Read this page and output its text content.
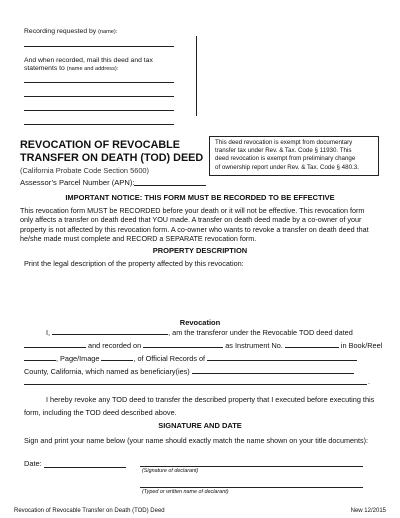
Recording requested by (name):
And when recorded, mail this deed and tax
statements to (name and address):
REVOCATION OF REVOCABLE
TRANSFER ON DEATH (TOD) DEED
(California Probate Code Section 5600)
Assessor’s Parcel Number (APN):
This deed revocation is exempt from documentary
transfer tax under Rev. & Tax. Code § 11930. This
deed revocation is exempt from preliminary change
of ownership report under Rev. & Tax. Code § 480.3.
IMPORTANT NOTICE: THIS FORM MUST BE RECORDED TO BE EFFECTIVE
This revocation form MUST be RECORDED before your death or it will not be effective. This revocation form
only affects a transfer on death deed that YOU made. A transfer on death deed made by a co-owner of your
property is not affected by this revocation form. A co-owner who wants to revoke a transfer on death deed that
he/she made must complete and RECORD a SEPARATE revocation form.
PROPERTY DESCRIPTION
Print the legal description of the property affected by this revocation:
Revocation
I,	, am the transferor under the Revocable TOD deed dated
and recorded on	as Instrument No.	in Book/Reel
, Page/Image	, of Official Records of
County, California, which named as beneficiary(ies)
.
I hereby revoke any TOD deed to transfer the described property that I executed before executing this
form, including the TOD deed described above.
SIGNATURE AND DATE
Sign and print your name below (your name should exactly match the name shown on your title documents):
Date:
(Signature of declarant)
(Typed or written name of declarant)
Revocation of Revocable Transfer on Death (TOD) Deed	New 12/2015
